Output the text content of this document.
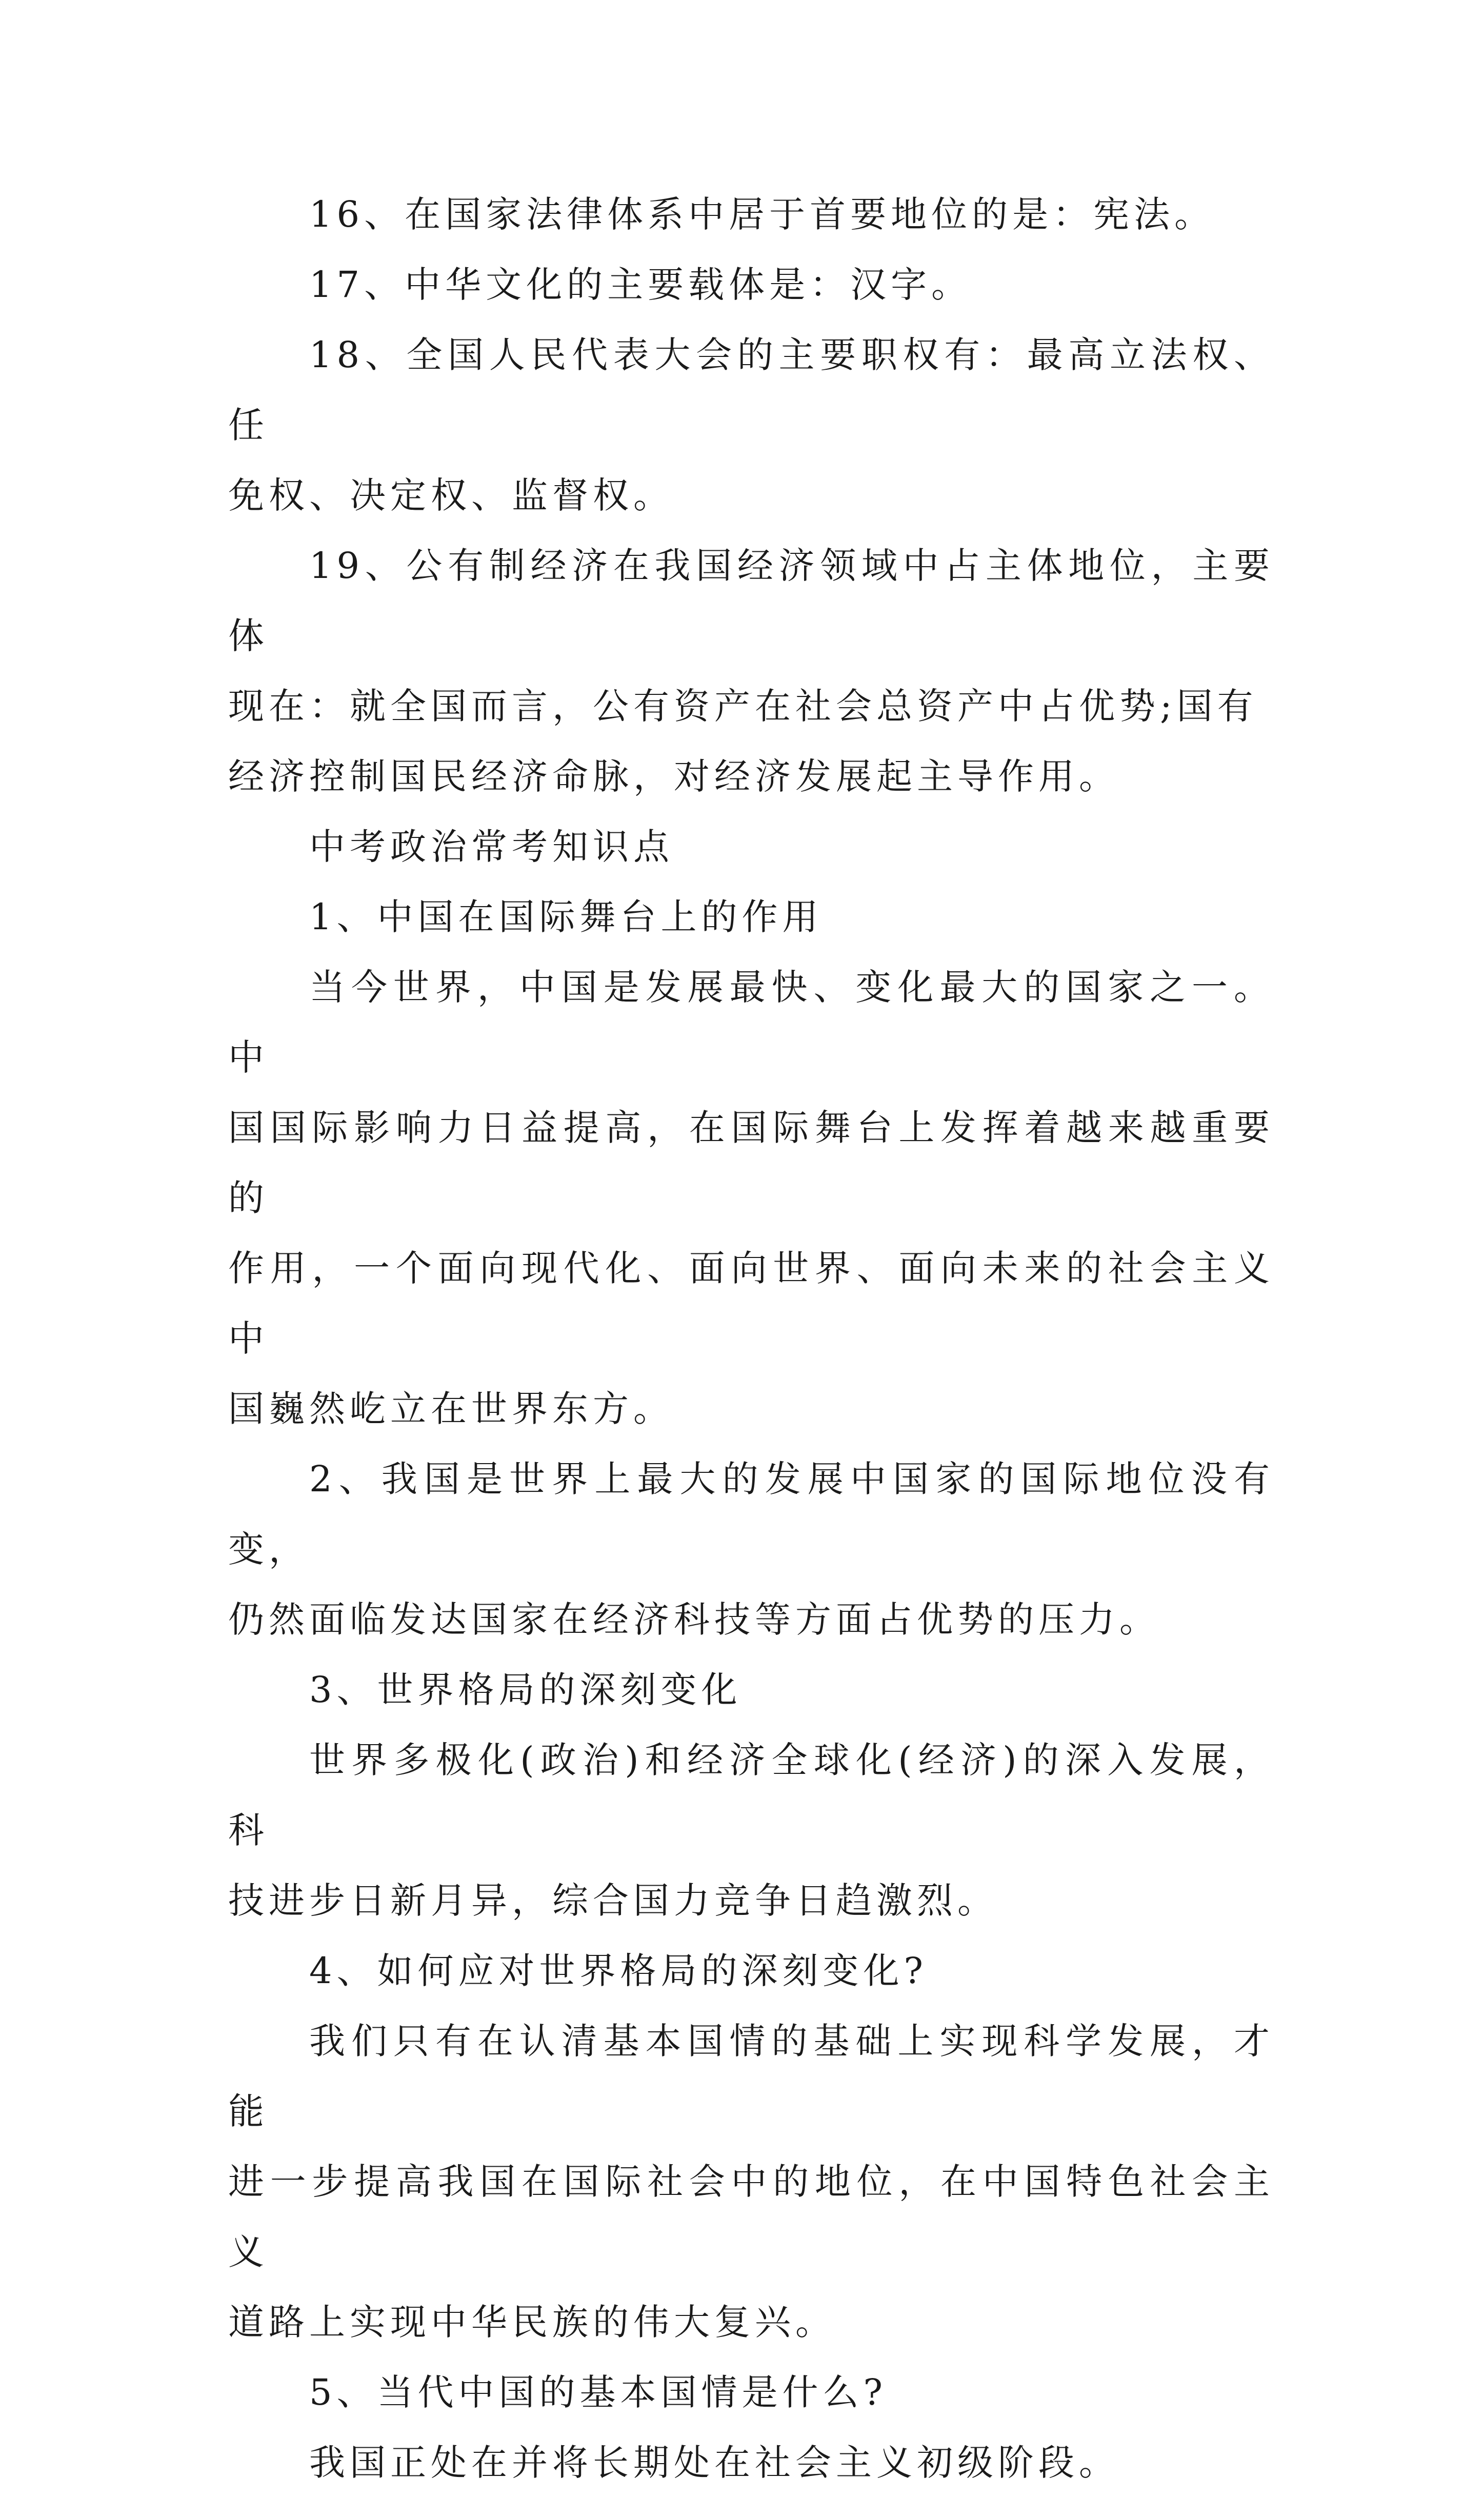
16、在国家法律体系中居于首要地位的是：宪法。

17、中华文化的主要载体是：汉字。

18、全国人民代表大会的主要职权有：最高立法权、任
免权、决定权、监督权。

19、公有制经济在我国经济领域中占主体地位，主要体
现在：就全国而言，公有资产在社会总资产中占优势;国有
经济控制国民经济命脉，对经济发展起主导作用。

中考政治常考知识点

1、中国在国际舞台上的作用

当今世界，中国是发展最快、变化最大的国家之一。中
国国际影响力日益提高，在国际舞台上发挥着越来越重要的
作用，一个面向现代化、面向世界、面向未来的社会主义中
国巍然屹立在世界东方。

2、我国是世界上最大的发展中国家的国际地位没有变，
仍然面临发达国家在经济科技等方面占优势的压力。

3、世界格局的深刻变化

世界多极化(政治)和经济全球化(经济)的深入发展，科
技进步日新月异，综合国力竞争日趋激烈。

4、如何应对世界格局的深刻变化?

我们只有在认清基本国情的基础上实现科学发展，才能
进一步提高我国在国际社会中的地位，在中国特色社会主义
道路上实现中华民族的伟大复兴。

5、当代中国的基本国情是什么?

我国正处在并将长期处在社会主义初级阶段。
